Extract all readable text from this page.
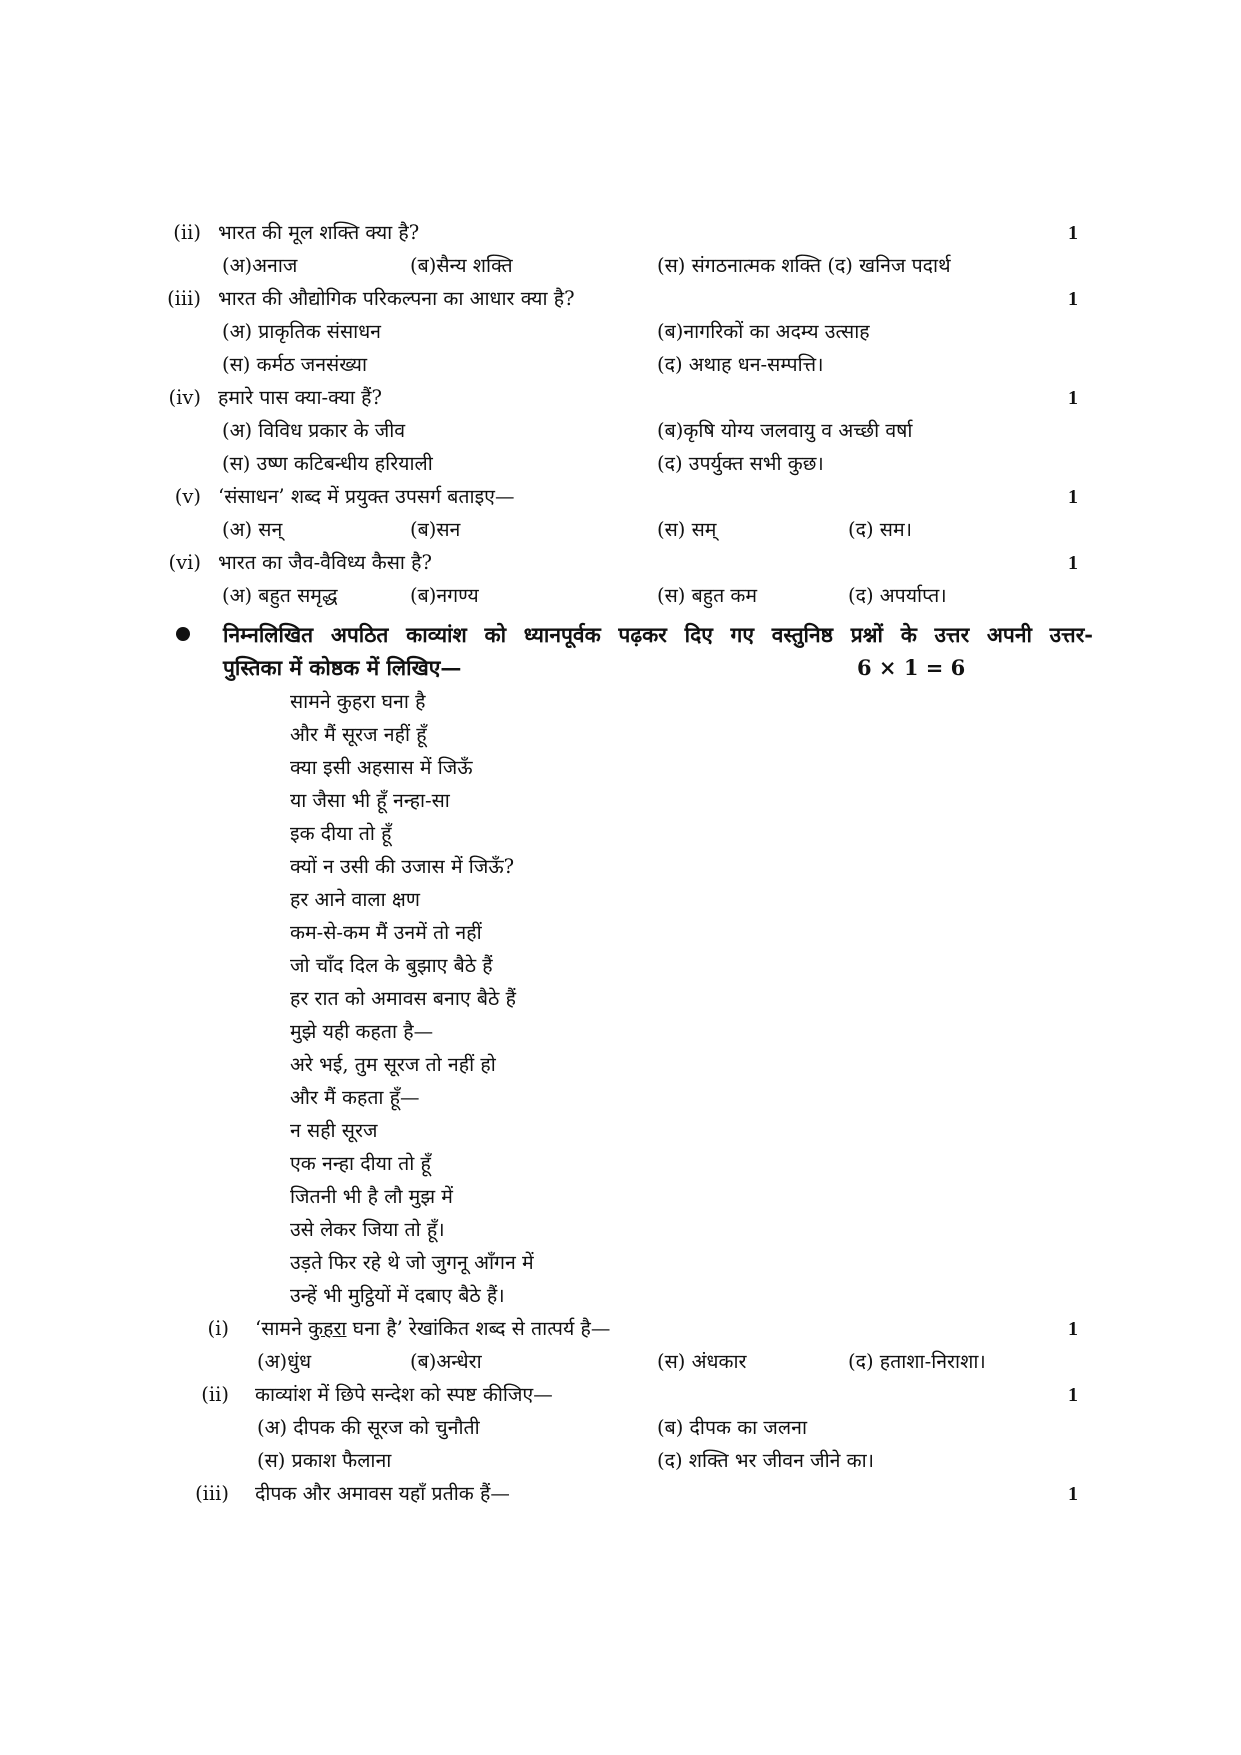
(ii) भारत की मूल शक्ति क्या है?	1
(अ)अनाज	(ब)सैन्य शक्ति	(स) संगठनात्मक शक्ति (द) खनिज पदार्थ
(iii) भारत की औद्योगिक परिकल्पना का आधार क्या है?	1
(अ) प्राकृतिक संसाधन	(ब)नागरिकों का अदम्य उत्साह
(स) कर्मठ जनसंख्या	(द) अथाह धन-सम्पत्ति।
(iv) हमारे पास क्या-क्या हैं?	1
(अ) विविध प्रकार के जीव	(ब)कृषि योग्य जलवायु व अच्छी वर्षा
(स) उष्ण कटिबन्धीय हरियाली	(द) उपर्युक्त सभी कुछ।
(v) ‘संसाधन’ शब्द में प्रयुक्त उपसर्ग बताइए—	1
(अ) सन्	(ब)सन	(स) सम्	(द) सम।
(vi) भारत का जैव-वैविध्य कैसा है?	1
(अ) बहुत समृद्ध	(ब)नगण्य	(स) बहुत कम	(द) अपर्याप्त।
निम्नलिखित अपठित काव्यांश को ध्यानपूर्वक पढ़कर दिए गए वस्तुनिष्ठ प्रश्नों के उत्तर अपनी उत्तर-
पुस्तिका में कोष्ठक में लिखिए—	6 × 1 = 6
सामने कुहरा घना है
और मैं सूरज नहीं हूँ
क्या इसी अहसास में जिऊँ
या जैसा भी हूँ नन्हा-सा
इक दीया तो हूँ
क्यों न उसी की उजास में जिऊँ?
हर आने वाला क्षण
कम-से-कम मैं उनमें तो नहीं
जो चाँद दिल के बुझाए बैठे हैं
हर रात को अमावस बनाए बैठे हैं
मुझे यही कहता है—
अरे भई, तुम सूरज तो नहीं हो
और मैं कहता हूँ—
न सही सूरज
एक नन्हा दीया तो हूँ
जितनी भी है लौ मुझ में
उसे लेकर जिया तो हूँ।
उड़ते फिर रहे थे जो जुगनू आँगन में
उन्हें भी मुट्ठियों में दबाए बैठे हैं।
(i) ‘सामने कुहरा घना है’ रेखांकित शब्द से तात्पर्य है—	1
(अ)धुंध	(ब)अन्धेरा	(स) अंधकार	(द) हताशा-निराशा।
(ii) काव्यांश में छिपे सन्देश को स्पष्ट कीजिए—	1
(अ) दीपक की सूरज को चुनौती	(ब) दीपक का जलना
(स) प्रकाश फैलाना	(द) शक्ति भर जीवन जीने का।
(iii) दीपक और अमावस यहाँ प्रतीक हैं—	1
